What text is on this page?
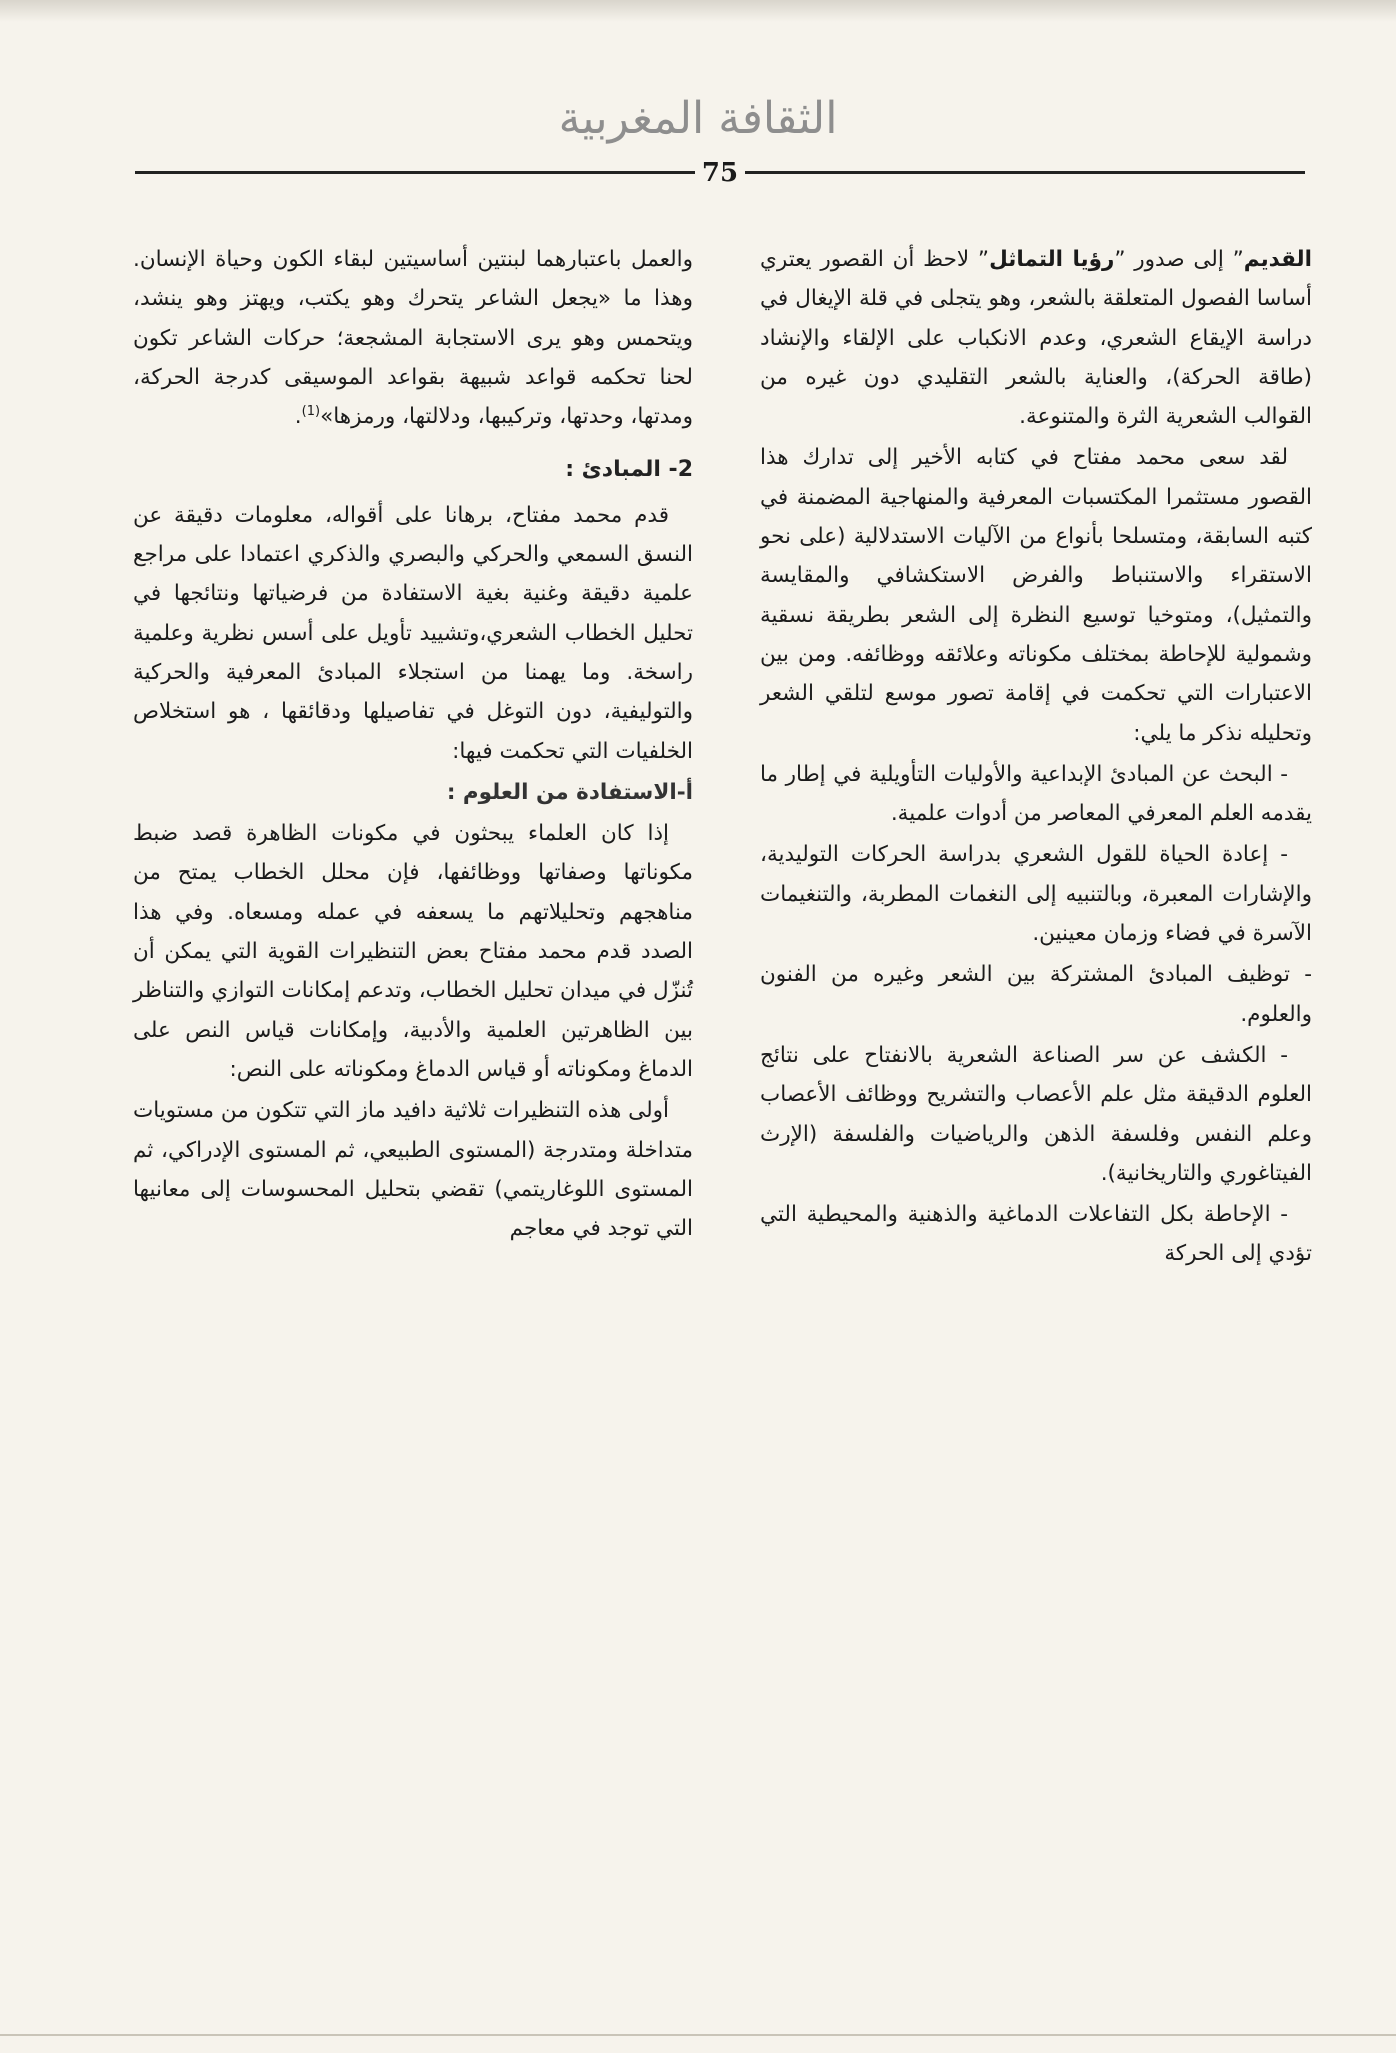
الثقافة المغربية
75

القديم” إلى صدور ”رؤيا التماثل” لاحظ أن القصور يعتري أساسا الفصول المتعلقة بالشعر، وهو يتجلى في قلة الإيغال في دراسة الإيقاع الشعري، وعدم الانكباب على الإلقاء والإنشاد (طاقة الحركة)، والعناية بالشعر التقليدي دون غيره من القوالب الشعرية الثرة والمتنوعة.

لقد سعى محمد مفتاح في كتابه الأخير إلى تدارك هذا القصور مستثمرا المكتسبات المعرفية والمنهاجية المضمنة في كتبه السابقة، ومتسلحا بأنواع من الآليات الاستدلالية (على نحو الاستقراء والاستنباط والفرض الاستكشافي والمقايسة والتمثيل)، ومتوخيا توسيع النظرة إلى الشعر بطريقة نسقية وشمولية للإحاطة بمختلف مكوناته وعلائقه ووظائفه. ومن بين الاعتبارات التي تحكمت في إقامة تصور موسع لتلقي الشعر وتحليله نذكر ما يلي:

- البحث عن المبادئ الإبداعية والأوليات التأويلية في إطار ما يقدمه العلم المعرفي المعاصر من أدوات علمية.

- إعادة الحياة للقول الشعري بدراسة الحركات التوليدية، والإشارات المعبرة، وبالتنبيه إلى النغمات المطربة، والتنغيمات الآسرة في فضاء وزمان معينين.

- توظيف المبادئ المشتركة بين الشعر وغيره من الفنون والعلوم.

- الكشف عن سر الصناعة الشعرية بالانفتاح على نتائج العلوم الدقيقة مثل علم الأعصاب والتشريح ووظائف الأعصاب وعلم النفس وفلسفة الذهن والرياضيات والفلسفة (الإرث الفيتاغوري والتاريخانية).

- الإحاطة بكل التفاعلات الدماغية والذهنية والمحيطية التي تؤدي إلى الحركة

والعمل باعتبارهما لبنتين أساسيتين لبقاء الكون وحياة الإنسان. وهذا ما «يجعل الشاعر يتحرك وهو يكتب، ويهتز وهو ينشد، ويتحمس وهو يرى الاستجابة المشجعة؛ حركات الشاعر تكون لحنا تحكمه قواعد شبيهة بقواعد الموسيقى كدرجة الحركة، ومدتها، وحدتها، وتركيبها، ودلالتها، ورمزها»$^{(1)}$.

2- المبادئ :

قدم محمد مفتاح، برهانا على أقواله، معلومات دقيقة عن النسق السمعي والحركي والبصري والذكري اعتمادا على مراجع علمية دقيقة وغنية بغية الاستفادة من فرضياتها ونتائجها في تحليل الخطاب الشعري،وتشييد تأويل على أسس نظرية وعلمية راسخة. وما يهمنا من استجلاء المبادئ المعرفية والحركية والتوليفية، دون التوغل في تفاصيلها ودقائقها ، هو استخلاص الخلفيات التي تحكمت فيها:

أ-الاستفادة من العلوم :

إذا كان العلماء يبحثون في مكونات الظاهرة قصد ضبط مكوناتها وصفاتها ووظائفها، فإن محلل الخطاب يمتح من مناهجهم وتحليلاتهم ما يسعفه في عمله ومسعاه. وفي هذا الصدد قدم محمد مفتاح بعض التنظيرات القوية التي يمكن أن تُنزّل في ميدان تحليل الخطاب، وتدعم إمكانات التوازي والتناظر بين الظاهرتين العلمية والأدبية، وإمكانات قياس النص على الدماغ ومكوناته أو قياس الدماغ ومكوناته على النص:

أولى هذه التنظيرات ثلاثية دافيد ماز التي تتكون من مستويات متداخلة ومتدرجة (المستوى الطبيعي، ثم المستوى الإدراكي، ثم المستوى اللوغاريتمي) تقضي بتحليل المحسوسات إلى معانيها التي توجد في معاجم
